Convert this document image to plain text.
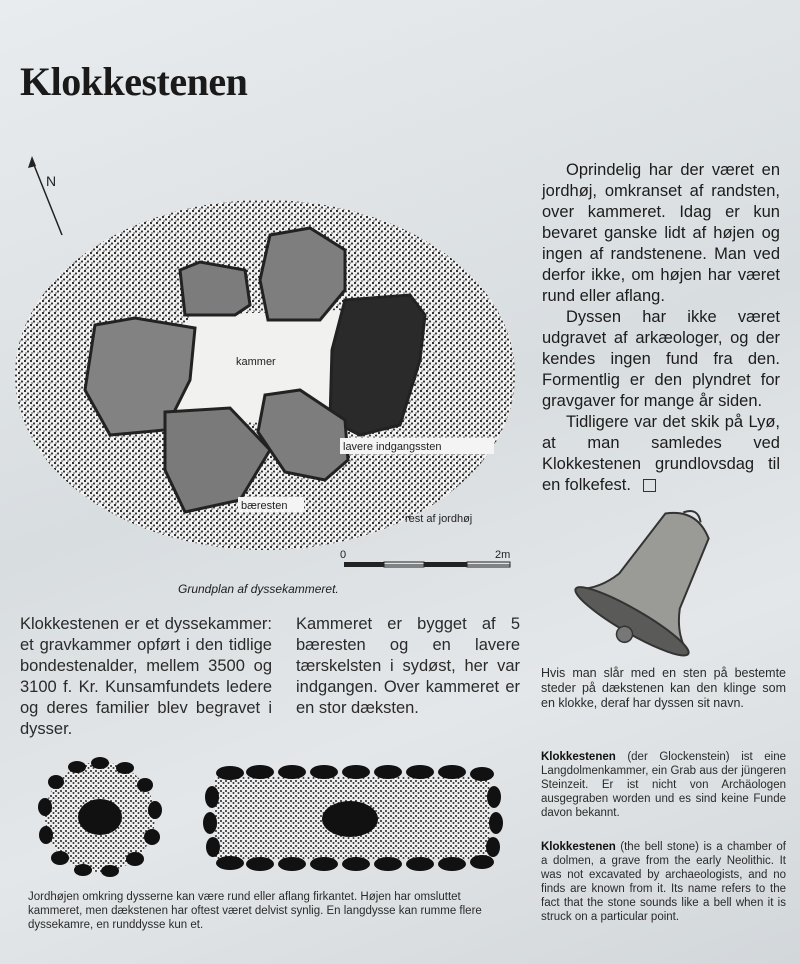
Klokkestenen
N
kammer
lavere indgangssten
bæresten
rest af jordhøj
0	2m
Grundplan af dyssekammeret.

Oprindelig har der været en jordhøj, omkranset af randsten, over kammeret. Idag er kun bevaret ganske lidt af højen og ingen af randstenene. Man ved derfor ikke, om højen har været rund eller aflang.

Dyssen har ikke været udgravet af arkæologer, og der kendes ingen fund fra den. Formentlig er den plyndret for gravgaver for mange år siden.

Tidligere var det skik på Lyø, at man samledes ved Klokkestenen grundlovsdag til en folkefest.

Klokkestenen er et dyssekammer: et gravkammer opført i den tidlige bondestenalder, mellem 3500 og 3100 f. Kr. Kunsamfundets ledere og deres familier blev begravet i dysser.
Kammeret er bygget af 5 bæresten og en lavere tærskelsten i sydøst, her var indgangen. Over kammeret er en stor dæksten.
Hvis man slår med en sten på bestemte steder på dækstenen kan den klinge som en klokke, deraf har dyssen sit navn.
Klokkestenen (der Glockenstein) ist eine Langdolmenkammer, ein Grab aus der jüngeren Steinzeit. Er ist nicht von Archäologen ausgegraben worden und es sind keine Funde davon bekannt.
Klokkestenen (the bell stone) is a chamber of a dolmen, a grave from the early Neolithic. It was not excavated by archaeologists, and no finds are known from it. Its name refers to the fact that the stone sounds like a bell when it is struck on a particular point.
Jordhøjen omkring dysserne kan være rund eller aflang firkantet. Højen har omsluttet kammeret, men dækstenen har oftest været delvist synlig. En langdysse kan rumme flere dyssekamre, en runddysse kun et.
